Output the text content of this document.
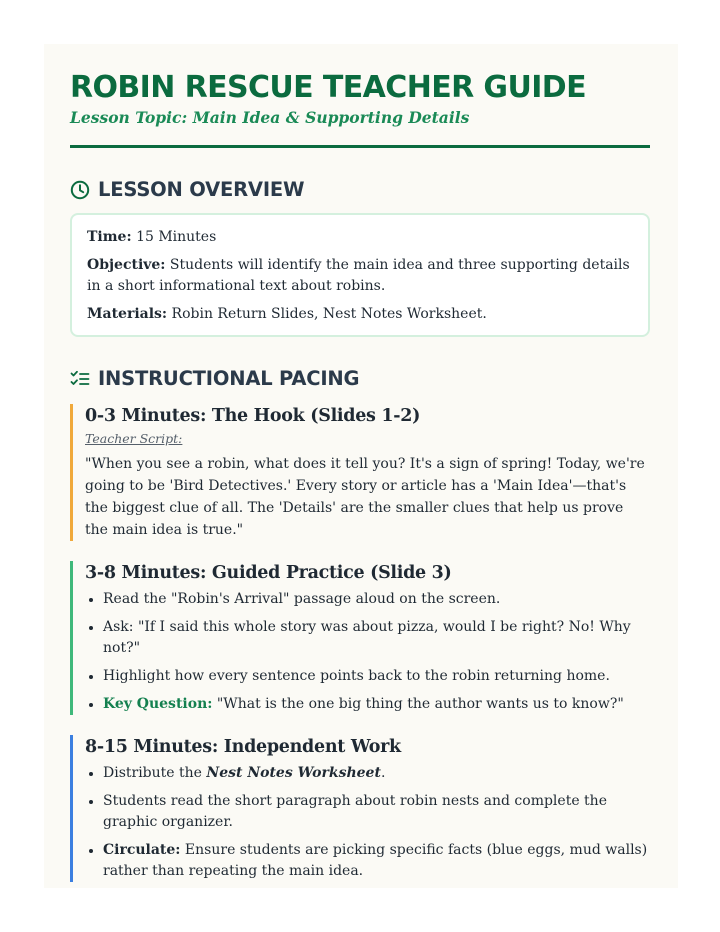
ROBIN RESCUE TEACHER GUIDE
Lesson Topic: Main Idea & Supporting Details
LESSON OVERVIEW

Time: 15 Minutes

Objective: Students will identify the main idea and three supporting details in a short informational text about robins.

Materials: Robin Return Slides, Nest Notes Worksheet.

INSTRUCTIONAL PACING
0-3 Minutes: The Hook (Slides 1-2)
Teacher Script:
"When you see a robin, what does it tell you? It's a sign of spring! Today, we're going to be 'Bird Detectives.' Every story or article has a 'Main Idea'—that's the biggest clue of all. The 'Details' are the smaller clues that help us prove the main idea is true."
3-8 Minutes: Guided Practice (Slide 3)
Read the "Robin's Arrival" passage aloud on the screen.
Ask: "If I said this whole story was about pizza, would I be right? No! Why not?"
Highlight how every sentence points back to the robin returning home.
Key Question: "What is the one big thing the author wants us to know?"
8-15 Minutes: Independent Work
Distribute the Nest Notes Worksheet.
Students read the short paragraph about robin nests and complete the graphic organizer.
Circulate: Ensure students are picking specific facts (blue eggs, mud walls) rather than repeating the main idea.
